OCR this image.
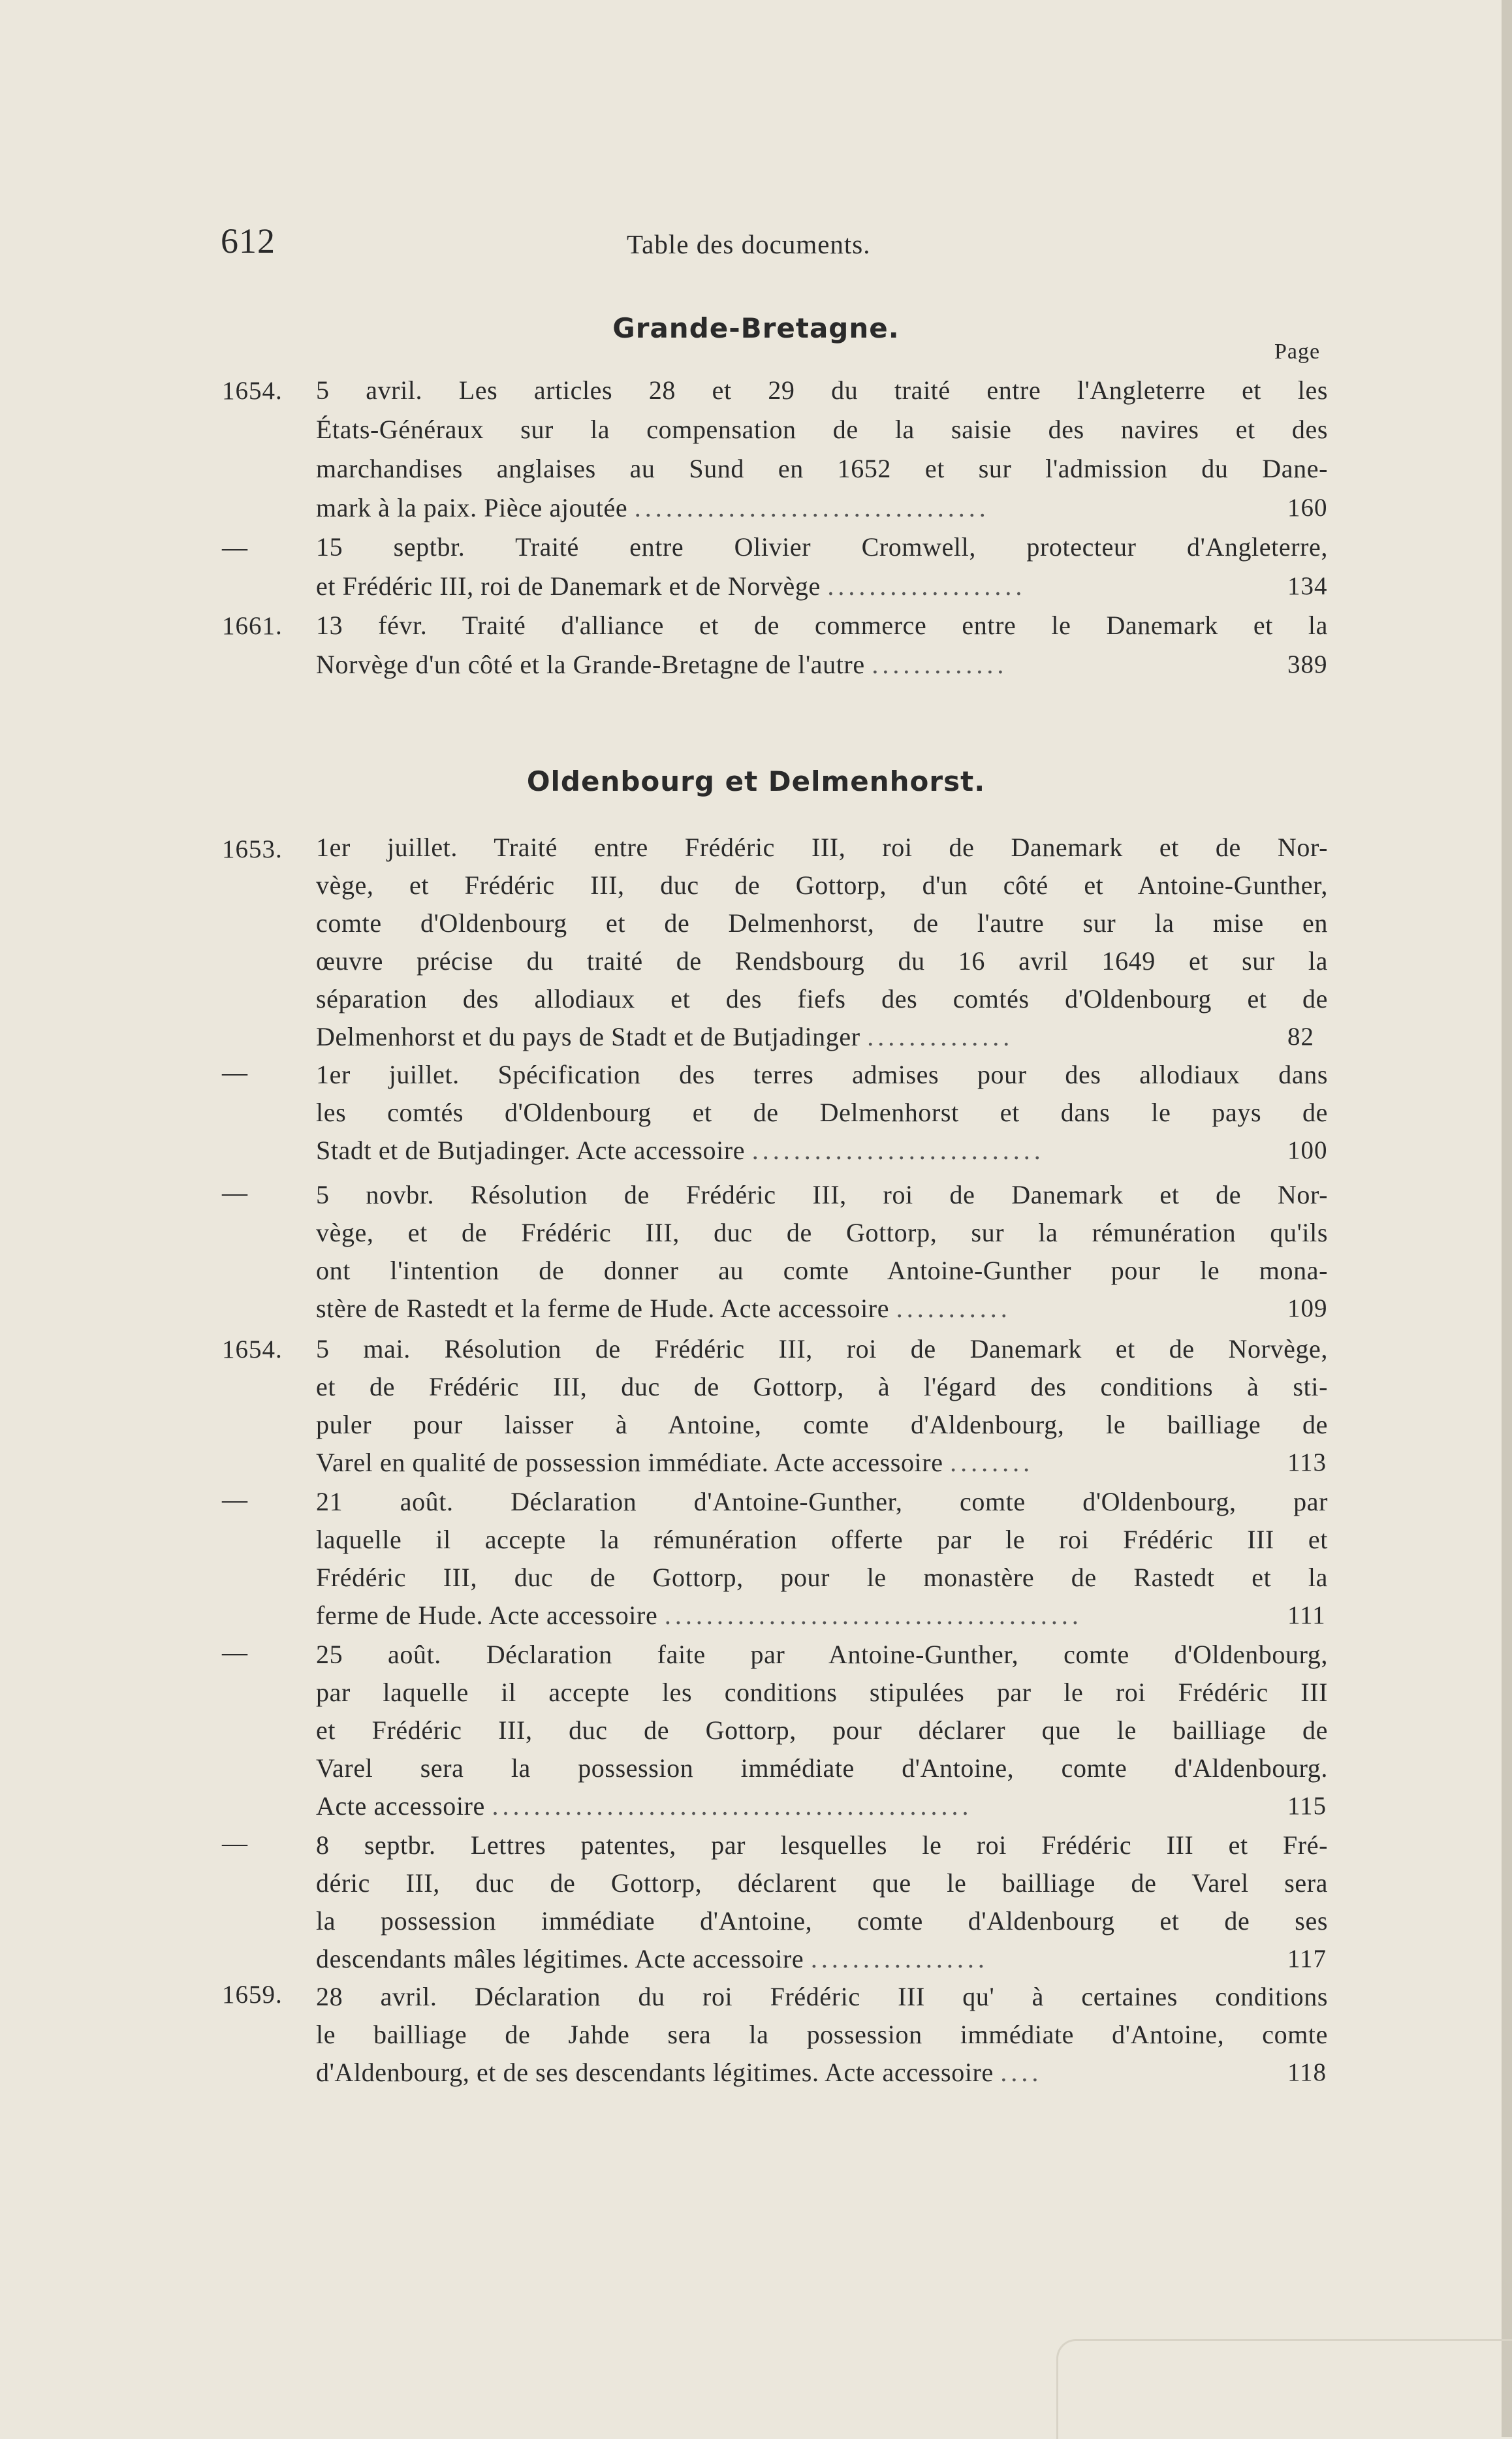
612	Table des documents.
Grande-Bretagne.
Page
1654. 5 avril. Les articles 28 et 29 du traité entre l'Angleterre et les
États-Généraux sur la compensation de la saisie des navires et des
marchandises anglaises au Sund en 1652 et sur l'admission du Dane-
mark à la paix. Pièce ajoutée ..................................	160
—	15 septbr. Traité entre Olivier Cromwell, protecteur d'Angleterre,
et Frédéric III, roi de Danemark et de Norvège ...................	134
1661. 13 févr. Traité d'alliance et de commerce entre le Danemark et la
Norvège d'un côté et la Grande-Bretagne de l'autre .............	389
Oldenbourg et Delmenhorst.
1653. 1er juillet. Traité entre Frédéric III, roi de Danemark et de Nor-
vège, et Frédéric III, duc de Gottorp, d'un côté et Antoine-Gunther,
comte d'Oldenbourg et de Delmenhorst, de l'autre sur la mise en
œuvre précise du traité de Rendsbourg du 16 avril 1649 et sur la
séparation des allodiaux et des fiefs des comtés d'Oldenbourg et de
Delmenhorst et du pays de Stadt et de Butjadinger ..............	82
—	1er juillet. Spécification des terres admises pour des allodiaux dans
les comtés d'Oldenbourg et de Delmenhorst et dans le pays de
Stadt et de Butjadinger. Acte accessoire ............................	100
—	5 novbr. Résolution de Frédéric III, roi de Danemark et de Nor-
vège, et de Frédéric III, duc de Gottorp, sur la rémunération qu'ils
ont l'intention de donner au comte Antoine-Gunther pour le mona-
stère de Rastedt et la ferme de Hude. Acte accessoire ...........	109
1654. 5 mai. Résolution de Frédéric III, roi de Danemark et de Norvège,
et de Frédéric III, duc de Gottorp, à l'égard des conditions à sti-
puler pour laisser à Antoine, comte d'Aldenbourg, le bailliage de
Varel en qualité de possession immédiate. Acte accessoire ........	113
—	21 août. Déclaration d'Antoine-Gunther, comte d'Oldenbourg, par
laquelle il accepte la rémunération offerte par le roi Frédéric III et
Frédéric III, duc de Gottorp, pour le monastère de Rastedt et la
ferme de Hude. Acte accessoire ........................................	111
—	25 août. Déclaration faite par Antoine-Gunther, comte d'Oldenbourg,
par laquelle il accepte les conditions stipulées par le roi Frédéric III
et Frédéric III, duc de Gottorp, pour déclarer que le bailliage de
Varel sera la possession immédiate d'Antoine, comte d'Aldenbourg.
Acte accessoire ..............................................	115
—	8 septbr. Lettres patentes, par lesquelles le roi Frédéric III et Fré-
déric III, duc de Gottorp, déclarent que le bailliage de Varel sera
la possession immédiate d'Antoine, comte d'Aldenbourg et de ses
descendants mâles légitimes. Acte accessoire .................	117
1659. 28 avril. Déclaration du roi Frédéric III qu' à certaines conditions
le bailliage de Jahde sera la possession immédiate d'Antoine, comte
d'Aldenbourg, et de ses descendants légitimes. Acte accessoire ....	118
